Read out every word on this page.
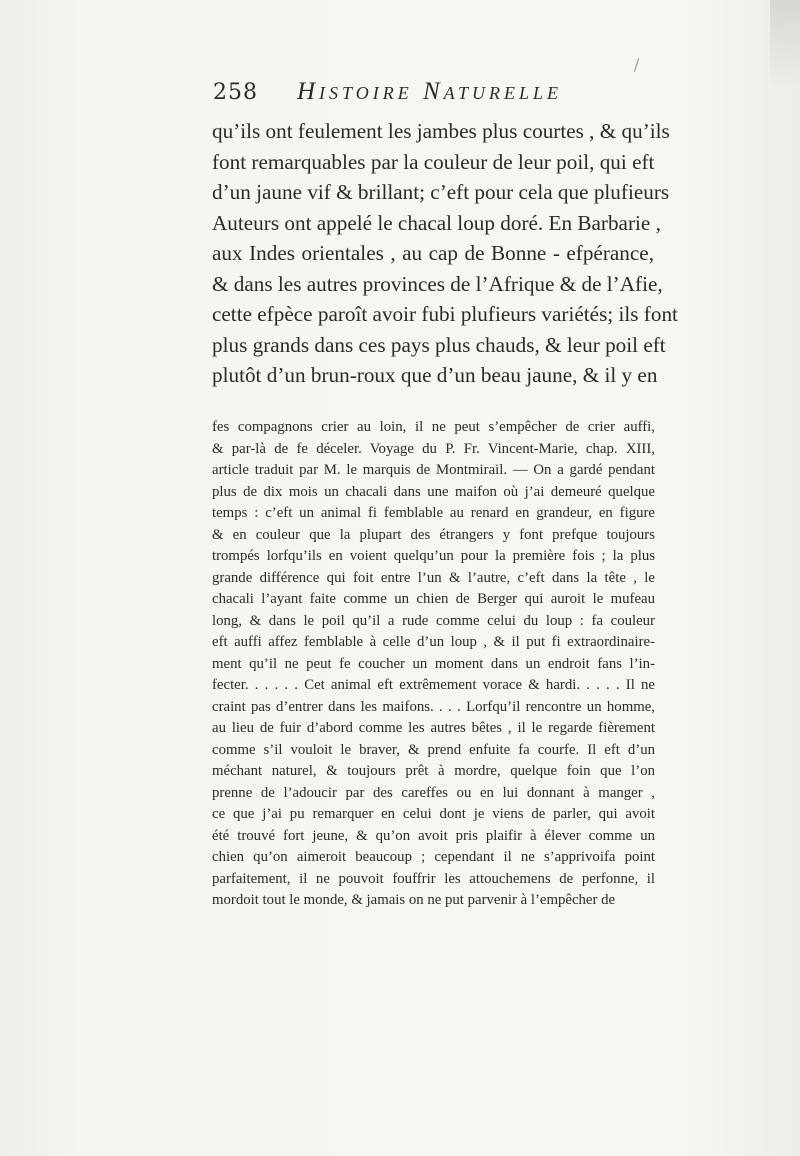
258 Histoire Naturelle
qu’ils ont feulement les jambes plus courtes , & qu’ils
font remarquables par la couleur de leur poil, qui eft
d’un jaune vif & brillant; c’eft pour cela que plufieurs
Auteurs ont appelé le chacal loup doré. En Barbarie ,
aux Indes orientales , au cap de Bonne - efpérance,
& dans les autres provinces de l’Afrique & de l’Afie,
cette efpèce paroît avoir fubi plufieurs variétés; ils font
plus grands dans ces pays plus chauds, & leur poil eft
plutôt d’un brun-roux que d’un beau jaune, & il y en
fes compagnons crier au loin, il ne peut s’empêcher de crier auffi,
& par-là de fe déceler. Voyage du P. Fr. Vincent-Marie, chap. XIII,
article traduit par M. le marquis de Montmirail. — On a gardé pendant
plus de dix mois un chacali dans une maifon où j’ai demeuré quelque
temps : c’eft un animal fi femblable au renard en grandeur, en figure
& en couleur que la plupart des étrangers y font prefque toujours
trompés lorfqu’ils en voient quelqu’un pour la première fois ; la plus
grande différence qui foit entre l’un & l’autre, c’eft dans la tête , le
chacali l’ayant faite comme un chien de Berger qui auroit le mufeau
long, & dans le poil qu’il a rude comme celui du loup : fa couleur
eft auffi affez femblable à celle d’un loup , & il put fi extraordinaire-
ment qu’il ne peut fe coucher un moment dans un endroit fans l’in-
fecter. . . . . . Cet animal eft extrêmement vorace & hardi. . . . . Il ne
craint pas d’entrer dans les maifons. . . . Lorfqu’il rencontre un homme,
au lieu de fuir d’abord comme les autres bêtes , il le regarde fièrement
comme s’il vouloit le braver, & prend enfuite fa courfe. Il eft d’un
méchant naturel, & toujours prêt à mordre, quelque foin que l’on
prenne de l’adoucir par des careffes ou en lui donnant à manger ,
ce que j’ai pu remarquer en celui dont je viens de parler, qui avoit
été trouvé fort jeune, & qu’on avoit pris plaifir à élever comme un
chien qu’on aimeroit beaucoup ; cependant il ne s’apprivoifa point
parfaitement, il ne pouvoit fouffrir les attouchemens de perfonne, il
mordoit tout le monde, & jamais on ne put parvenir à l’empêcher de
